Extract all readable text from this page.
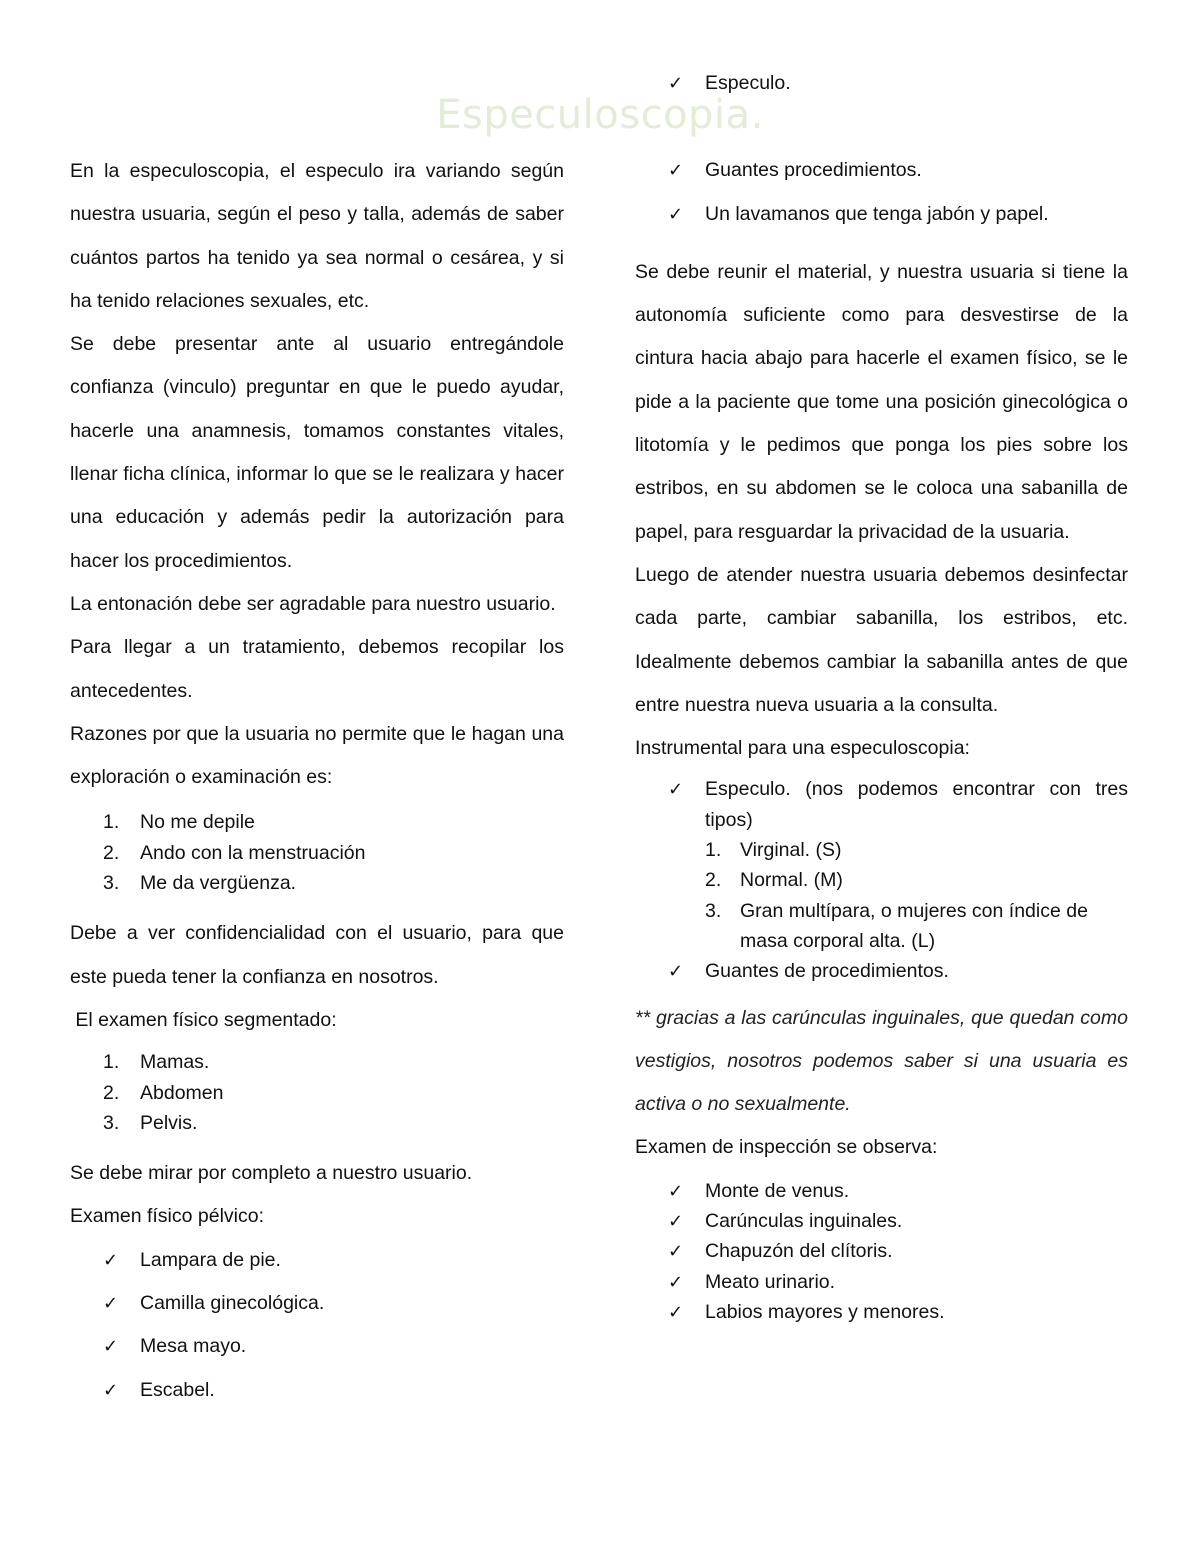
Especuloscopia.

En la especuloscopia, el especulo ira variando según nuestra usuaria, según el peso y talla, además de saber cuántos partos ha tenido ya sea normal o cesárea, y si ha tenido relaciones sexuales, etc.

Se debe presentar ante al usuario entregándole confianza (vinculo) preguntar en que le puedo ayudar, hacerle una anamnesis, tomamos constantes vitales, llenar ficha clínica, informar lo que se le realizara y hacer una educación y además pedir la autorización para hacer los procedimientos.

La entonación debe ser agradable para nuestro usuario.

Para llegar a un tratamiento, debemos recopilar los antecedentes.

Razones por que la usuaria no permite que le hagan una exploración o examinación es:

1.	No me depile
2.	Ando con la menstruación
3.	Me da vergüenza.

Debe a ver confidencialidad con el usuario, para que este pueda tener la confianza en nosotros.

El examen físico segmentado:

1.	Mamas.
2.	Abdomen
3.	Pelvis.

Se debe mirar por completo a nuestro usuario.

Examen físico pélvico:

✓	Lampara de pie.
✓	Camilla ginecológica.
✓	Mesa mayo.
✓	Escabel.
✓	Especulo.
✓	Guantes procedimientos.
✓	Un lavamanos que tenga jabón y papel.

Se debe reunir el material, y nuestra usuaria si tiene la autonomía suficiente como para desvestirse de la cintura hacia abajo para hacerle el examen físico, se le pide a la paciente que tome una posición ginecológica o litotomía y le pedimos que ponga los pies sobre los estribos, en su abdomen se le coloca una sabanilla de papel, para resguardar la privacidad de la usuaria.

Luego de atender nuestra usuaria debemos desinfectar cada parte, cambiar sabanilla, los estribos, etc. Idealmente debemos cambiar la sabanilla antes de que entre nuestra nueva usuaria a la consulta.

Instrumental para una especuloscopia:

✓	Especulo. (nos podemos encontrar con tres tipos)
1. Virginal. (S)
2. Normal. (M)
3. Gran multípara, o mujeres con índice de masa corporal alta. (L)
✓	Guantes de procedimientos.

** gracias a las carúnculas inguinales, que quedan como vestigios, nosotros podemos saber si una usuaria es activa o no sexualmente.

Examen de inspección se observa:

✓	Monte de venus.
✓	Carúnculas inguinales.
✓	Chapuzón del clítoris.
✓	Meato urinario.
✓	Labios mayores y menores.
